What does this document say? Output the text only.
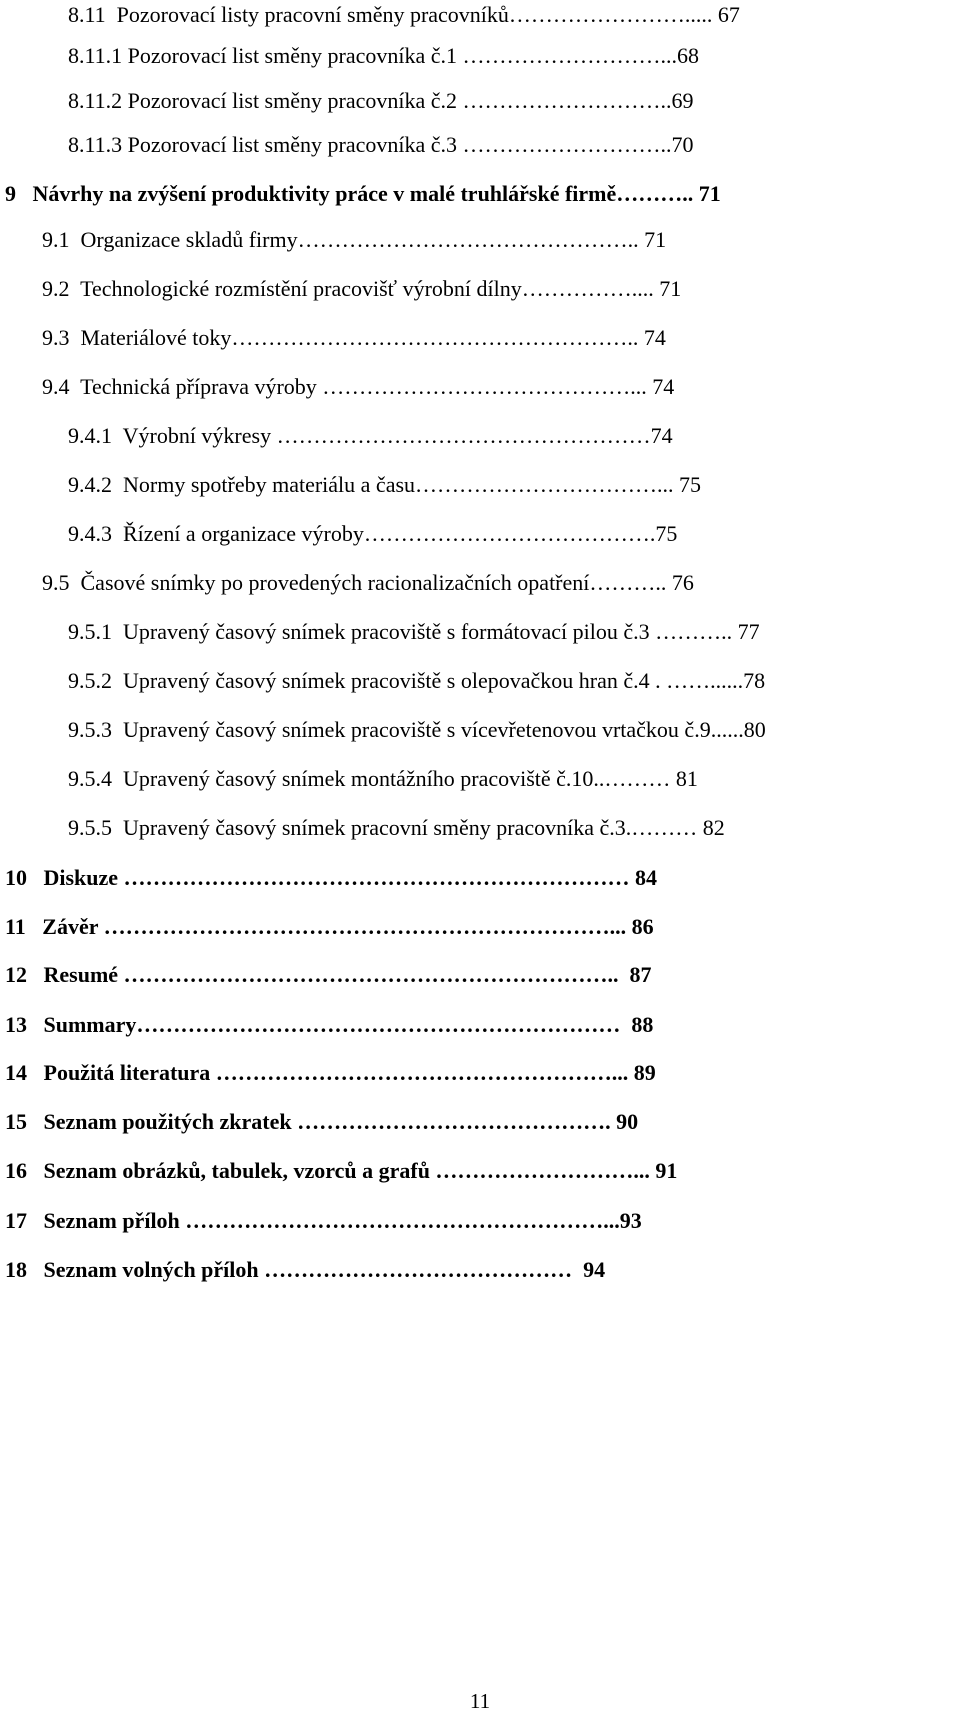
8.11  Pozorovací listy pracovní směny pracovníků……………………..... 67
8.11.1 Pozorovací list směny pracovníka č.1 ………………………...68
8.11.2 Pozorovací list směny pracovníka č.2 ………………………..69
8.11.3 Pozorovací list směny pracovníka č.3 ………………………..70
9   Návrhy na zvýšení produktivity práce v malé truhlářské firmě……….. 71
9.1  Organizace skladů firmy……………………………………….. 71
9.2  Technologické rozmístění pracovišť výrobní dílny…………….... 71
9.3  Materiálové toky……………………………………………….. 74
9.4  Technická příprava výroby ……………………………………... 74
9.4.1  Výrobní výkresy ……………………………………………74
9.4.2  Normy spotřeby materiálu a času……………………………... 75
9.4.3  Řízení a organizace výroby………………………………….75
9.5  Časové snímky po provedených racionalizačních opatření……….. 76
9.5.1  Upravený časový snímek pracoviště s formátovací pilou č.3 ……….. 77
9.5.2  Upravený časový snímek pracoviště s olepovačkou hran č.4 . ……......78
9.5.3  Upravený časový snímek pracoviště s vícevřetenovou vrtačkou č.9......80
9.5.4  Upravený časový snímek montážního pracoviště č.10..……… 81
9.5.5  Upravený časový snímek pracovní směny pracovníka č.3.……… 82
10   Diskuze …………………………………………………………… 84
11   Závěr ……………………………………………………………... 86
12   Resumé …………………………………………………………..  87
13   Summary…………………………………………………………  88
14   Použitá literatura ………………………………………………... 89
15   Seznam použitých zkratek ……………………………………. 90
16   Seznam obrázků, tabulek, vzorců a grafů ………………………... 91
17   Seznam příloh …………………………………………………...93
18   Seznam volných příloh ……………………………………  94
11
